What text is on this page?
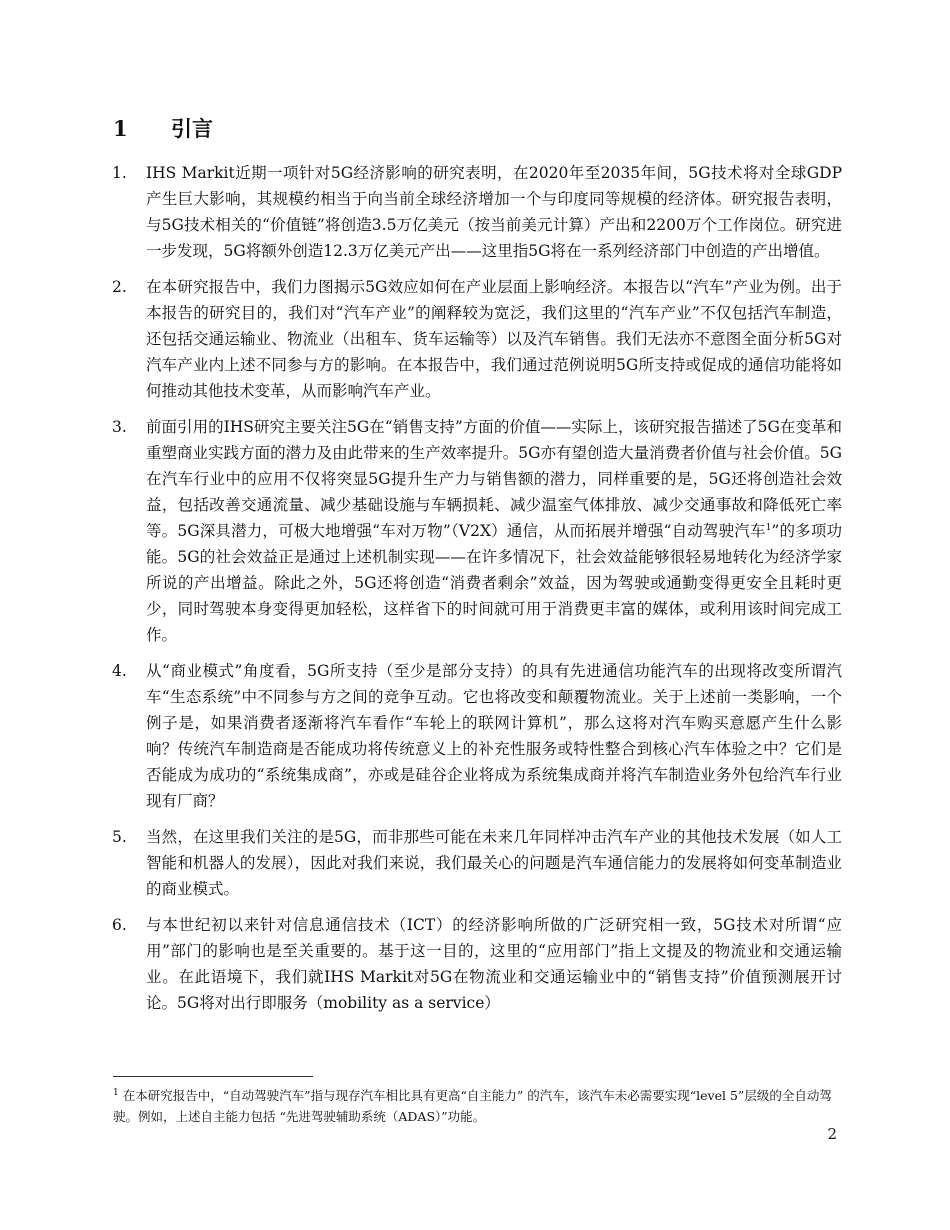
1	引言
1.	IHS Markit近期一项针对5G经济影响的研究表明，在2020年至2035年间，5G技术将对全球GDP产生巨大影响，其规模约相当于向当前全球经济增加一个与印度同等规模的经济体。研究报告表明，与5G技术相关的“价值链”将创造3.5万亿美元（按当前美元计算）产出和2200万个工作岗位。研究进一步发现，5G将额外创造12.3万亿美元产出——这里指5G将在一系列经济部门中创造的产出增值。

2.	在本研究报告中，我们力图揭示5G效应如何在产业层面上影响经济。本报告以“汽车”产业为例。出于本报告的研究目的，我们对“汽车产业”的阐释较为宽泛，我们这里的“汽车产业”不仅包括汽车制造，还包括交通运输业、物流业（出租车、货车运输等）以及汽车销售。我们无法亦不意图全面分析5G对汽车产业内上述不同参与方的影响。在本报告中，我们通过范例说明5G所支持或促成的通信功能将如何推动其他技术变革，从而影响汽车产业。

3.	前面引用的IHS研究主要关注5G在“销售支持”方面的价值——实际上，该研究报告描述了5G在变革和重塑商业实践方面的潜力及由此带来的生产效率提升。5G亦有望创造大量消费者价值与社会价值。5G在汽车行业中的应用不仅将突显5G提升生产力与销售额的潜力，同样重要的是，5G还将创造社会效益，包括改善交通流量、减少基础设施与车辆损耗、减少温室气体排放、减少交通事故和降低死亡率等。5G深具潜力，可极大地增强“车对万物”（V2X）通信，从而拓展并增强“自动驾驶汽车$^1$”的多项功能。5G的社会效益正是通过上述机制实现——在许多情况下，社会效益能够很轻易地转化为经济学家所说的产出增益。除此之外，5G还将创造“消费者剩余”效益，因为驾驶或通勤变得更安全且耗时更少，同时驾驶本身变得更加轻松，这样省下的时间就可用于消费更丰富的媒体，或利用该时间完成工作。

4.	从“商业模式”角度看，5G所支持（至少是部分支持）的具有先进通信功能汽车的出现将改变所谓汽车“生态系统”中不同参与方之间的竞争互动。它也将改变和颠覆物流业。关于上述前一类影响，一个例子是，如果消费者逐渐将汽车看作“车轮上的联网计算机”，那么这将对汽车购买意愿产生什么影响？传统汽车制造商是否能成功将传统意义上的补充性服务或特性整合到核心汽车体验之中？它们是否能成为成功的“系统集成商”，亦或是硅谷企业将成为系统集成商并将汽车制造业务外包给汽车行业现有厂商？

5.	当然，在这里我们关注的是5G，而非那些可能在未来几年同样冲击汽车产业的其他技术发展（如人工智能和机器人的发展），因此对我们来说，我们最关心的问题是汽车通信能力的发展将如何变革制造业的商业模式。

6.	与本世纪初以来针对信息通信技术（ICT）的经济影响所做的广泛研究相一致，5G技术对所谓“应用”部门的影响也是至关重要的。基于这一目的，这里的“应用部门”指上文提及的物流业和交通运输业。在此语境下，我们就IHS Markit对5G在物流业和交通运输业中的“销售支持”价值预测展开讨论。5G将对出行即服务（mobility as a service）

$^1$ 在本研究报告中，“自动驾驶汽车”指与现存汽车相比具有更高“自主能力” 的汽车，该汽车未必需要实现“level 5”层级的全自动驾驶。例如，上述自主能力包括 “先进驾驶辅助系统（ADAS）”功能。

2
